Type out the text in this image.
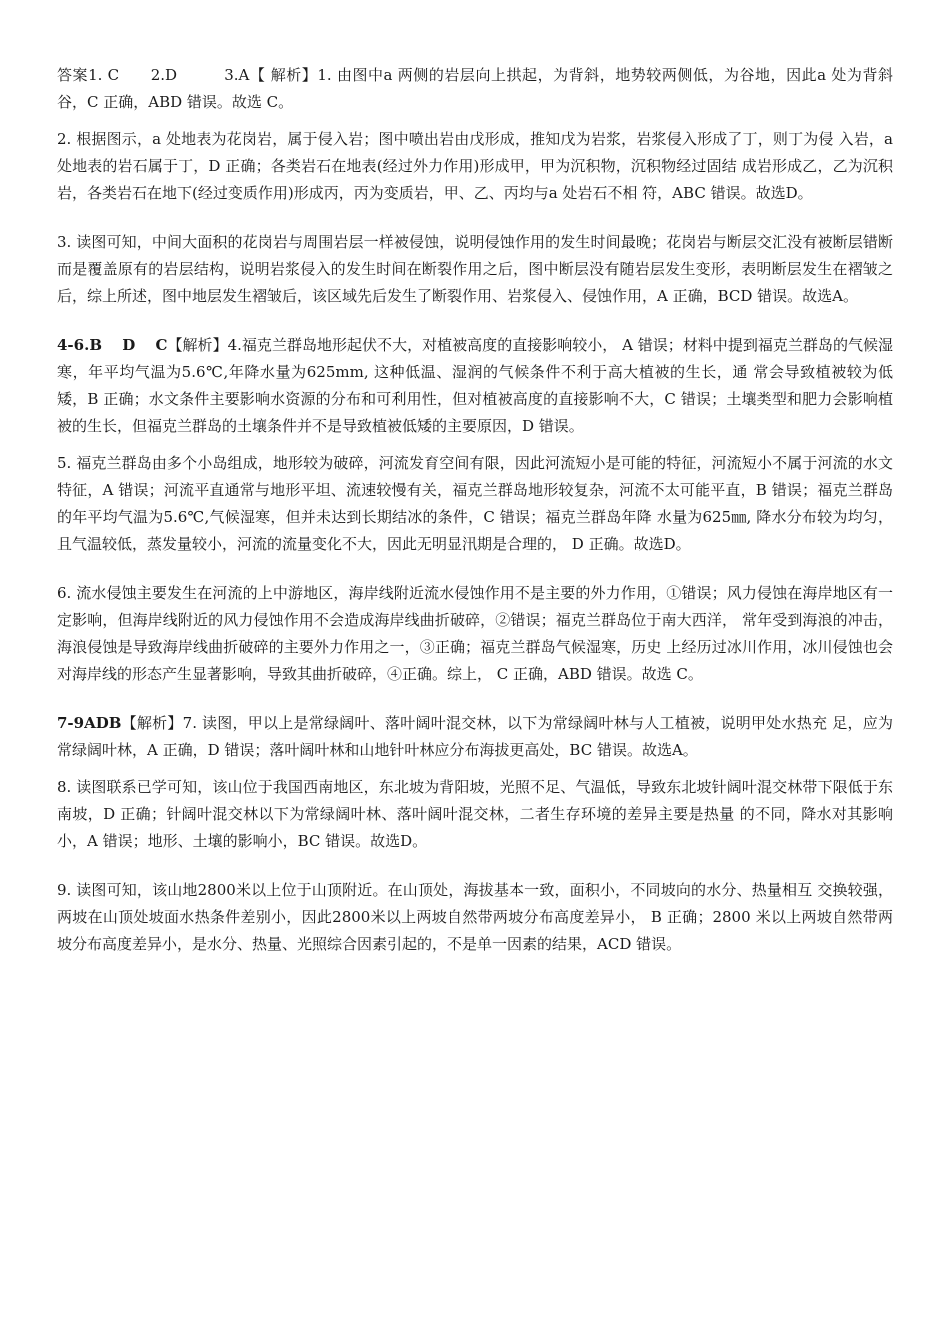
答案1. C　　2.D　　　3.A【 解析】1. 由图中a 两侧的岩层向上拱起，为背斜，地势较两侧低，为谷地，因此a 处为背斜谷，C 正确，ABD 错误。故选 C。

2. 根据图示，a 处地表为花岗岩，属于侵入岩；图中喷出岩由戊形成，推知戊为岩浆，岩浆侵入形成了丁，则丁为侵 入岩，a 处地表的岩石属于丁，D 正确；各类岩石在地表(经过外力作用)形成甲，甲为沉积物，沉积物经过固结 成岩形成乙，乙为沉积岩，各类岩石在地下(经过变质作用)形成丙，丙为变质岩，甲、乙、丙均与a 处岩石不相 符，ABC 错误。故选D。

3. 读图可知，中间大面积的花岗岩与周围岩层一样被侵蚀，说明侵蚀作用的发生时间最晚；花岗岩与断层交汇没有被断层错断而是覆盖原有的岩层结构，说明岩浆侵入的发生时间在断裂作用之后，图中断层没有随岩层发生变形，表明断层发生在褶皱之后，综上所述，图中地层发生褶皱后，该区域先后发生了断裂作用、岩浆侵入、侵蚀作用，A 正确，BCD 错误。故选A。

4-6.B　 D　 C【解析】4.福克兰群岛地形起伏不大，对植被高度的直接影响较小， A 错误；材料中提到福克兰群岛的气候湿寒，年平均气温为5.6℃,年降水量为625mm, 这种低温、湿润的气候条件不利于高大植被的生长，通 常会导致植被较为低矮，B 正确；水文条件主要影响水资源的分布和可利用性，但对植被高度的直接影响不大，C 错误；土壤类型和肥力会影响植被的生长，但福克兰群岛的土壤条件并不是导致植被低矮的主要原因，D 错误。

5. 福克兰群岛由多个小岛组成，地形较为破碎，河流发育空间有限，因此河流短小是可能的特征，河流短小不属于河流的水文特征，A 错误；河流平直通常与地形平坦、流速较慢有关，福克兰群岛地形较复杂，河流不太可能平直，B 错误；福克兰群岛的年平均气温为5.6℃,气候湿寒，但并未达到长期结冰的条件，C 错误；福克兰群岛年降 水量为625㎜, 降水分布较为均匀，且气温较低，蒸发量较小，河流的流量变化不大，因此无明显汛期是合理的， D 正确。故选D。

6. 流水侵蚀主要发生在河流的上中游地区，海岸线附近流水侵蚀作用不是主要的外力作用，①错误；风力侵蚀在海岸地区有一定影响，但海岸线附近的风力侵蚀作用不会造成海岸线曲折破碎，②错误；福克兰群岛位于南大西洋， 常年受到海浪的冲击，海浪侵蚀是导致海岸线曲折破碎的主要外力作用之一，③正确；福克兰群岛气候湿寒，历史 上经历过冰川作用，冰川侵蚀也会对海岸线的形态产生显著影响，导致其曲折破碎，④正确。综上， C 正确，ABD 错误。故选 C。

7-9ADB【解析】7. 读图，甲以上是常绿阔叶、落叶阔叶混交林，以下为常绿阔叶林与人工植被，说明甲处水热充 足，应为常绿阔叶林，A 正确，D 错误；落叶阔叶林和山地针叶林应分布海拔更高处，BC 错误。故选A。

8. 读图联系已学可知，该山位于我国西南地区，东北坡为背阳坡，光照不足、气温低，导致东北坡针阔叶混交林带下限低于东南坡，D 正确；针阔叶混交林以下为常绿阔叶林、落叶阔叶混交林，二者生存环境的差异主要是热量 的不同，降水对其影响小，A 错误；地形、土壤的影响小，BC 错误。故选D。

9. 读图可知，该山地2800米以上位于山顶附近。在山顶处，海拔基本一致，面积小，不同坡向的水分、热量相互 交换较强，两坡在山顶处坡面水热条件差别小，因此2800米以上两坡自然带两坡分布高度差异小， B 正确；2800 米以上两坡自然带两坡分布高度差异小，是水分、热量、光照综合因素引起的，不是单一因素的结果，ACD 错误。
